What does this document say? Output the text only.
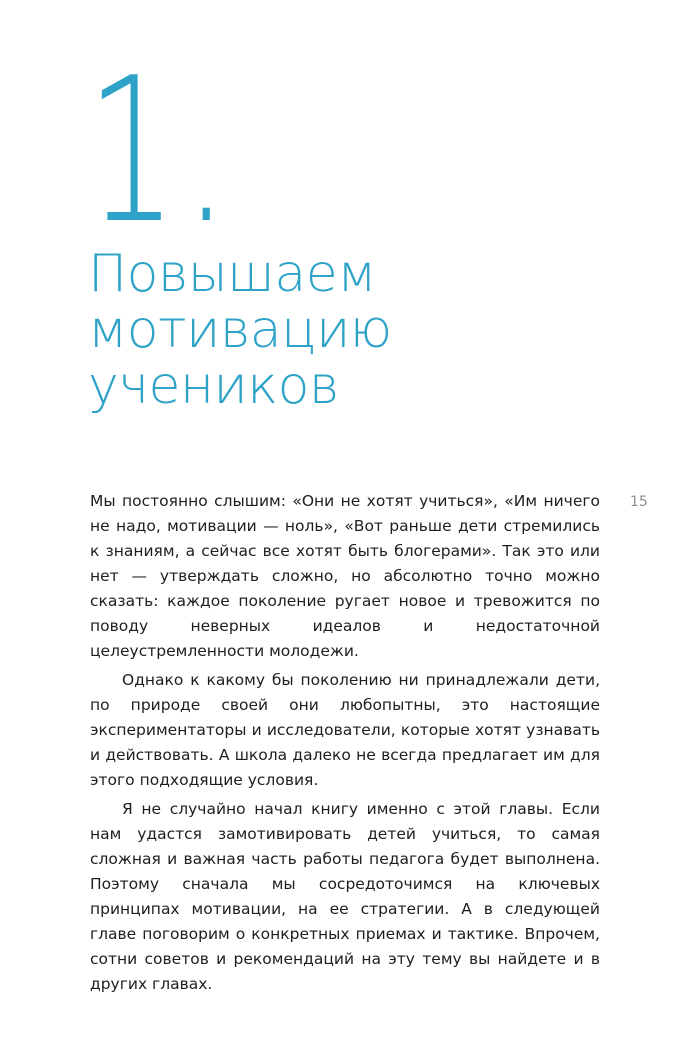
1.
Повышаем
мотивацию
учеников
15

Мы постоянно слышим: «Они не хотят учиться», «Им ничего не надо, мотивации — ноль», «Вот раньше дети стремились к знаниям, а сейчас все хотят быть блогерами». Так это или нет — утверждать сложно, но абсолютно точно можно сказать: каждое поколение ругает новое и тревожится по поводу неверных идеалов и недостаточной целеустремленности молодежи.

Однако к какому бы поколению ни принадлежали дети, по природе своей они любопытны, это настоящие экспериментаторы и исследователи, которые хотят узнавать и действовать. А школа далеко не всегда предлагает им для этого подходящие условия.

Я не случайно начал книгу именно с этой главы. Если нам удастся замотивировать детей учиться, то самая сложная и важная часть работы педагога будет выполнена. Поэтому сначала мы сосредоточимся на ключевых принципах мотивации, на ее стратегии. А в следующей главе поговорим о конкретных приемах и тактике. Впрочем, сотни советов и рекомендаций на эту тему вы найдете и в других главах.
